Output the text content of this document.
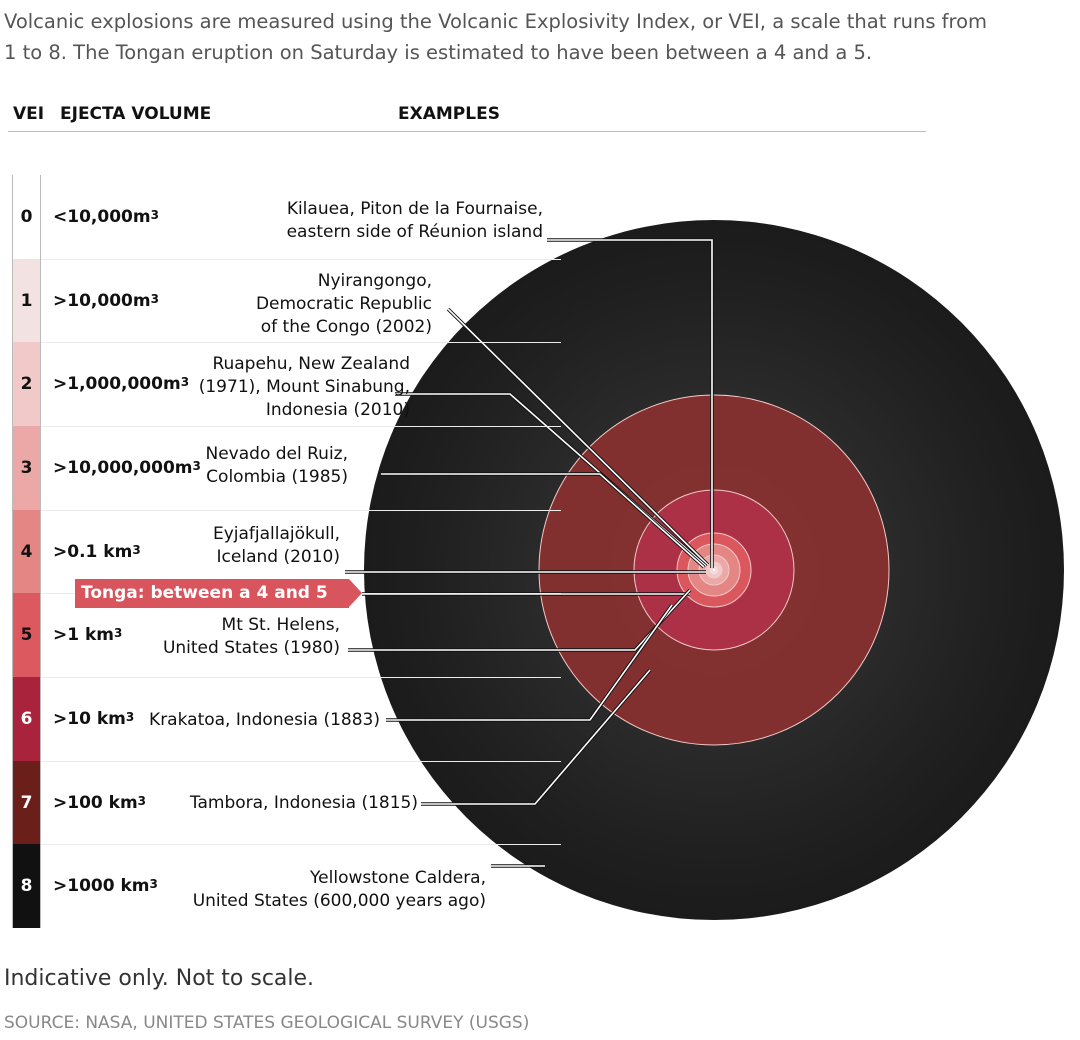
Volcanic explosions are measured using the Volcanic Explosivity Index, or VEI, a scale that runs from

1 to 8. The Tongan eruption on Saturday is estimated to have been between a 4 and a 5.

VEI EJECTA VOLUME	EXAMPLES
0	$<10,000m^3$	Kilauea, Piton de la Fournaise,
eastern side of Réunion island
1	$>10,000m^3$
Nyirangongo,
Democratic Republic
of the Congo (2002)
2	$>1,000,000m^3$
Ruapehu, New Zealand
(1971), Mount Sinabung,
Indonesia (2010)
3	$>10,000,000m^3$
Nevado del Ruiz,
Colombia (1985)
4	>0.1 $km^3$
Eyjafjallajökull,
Iceland (2010)
5	>1 $km^3$	Mt St. Helens,
United States (1980)
6	>10 $km^3$ Krakatoa, Indonesia (1883)
7	>100 $km^3$	Tambora, Indonesia (1815)
8	>1000 $km^3$	Yellowstone Caldera,
United States (600,000 years ago)
Tonga: between a 4 and 5
Indicative only. Not to scale.
SOURCE: NASA, UNITED STATES GEOLOGICAL SURVEY (USGS)
